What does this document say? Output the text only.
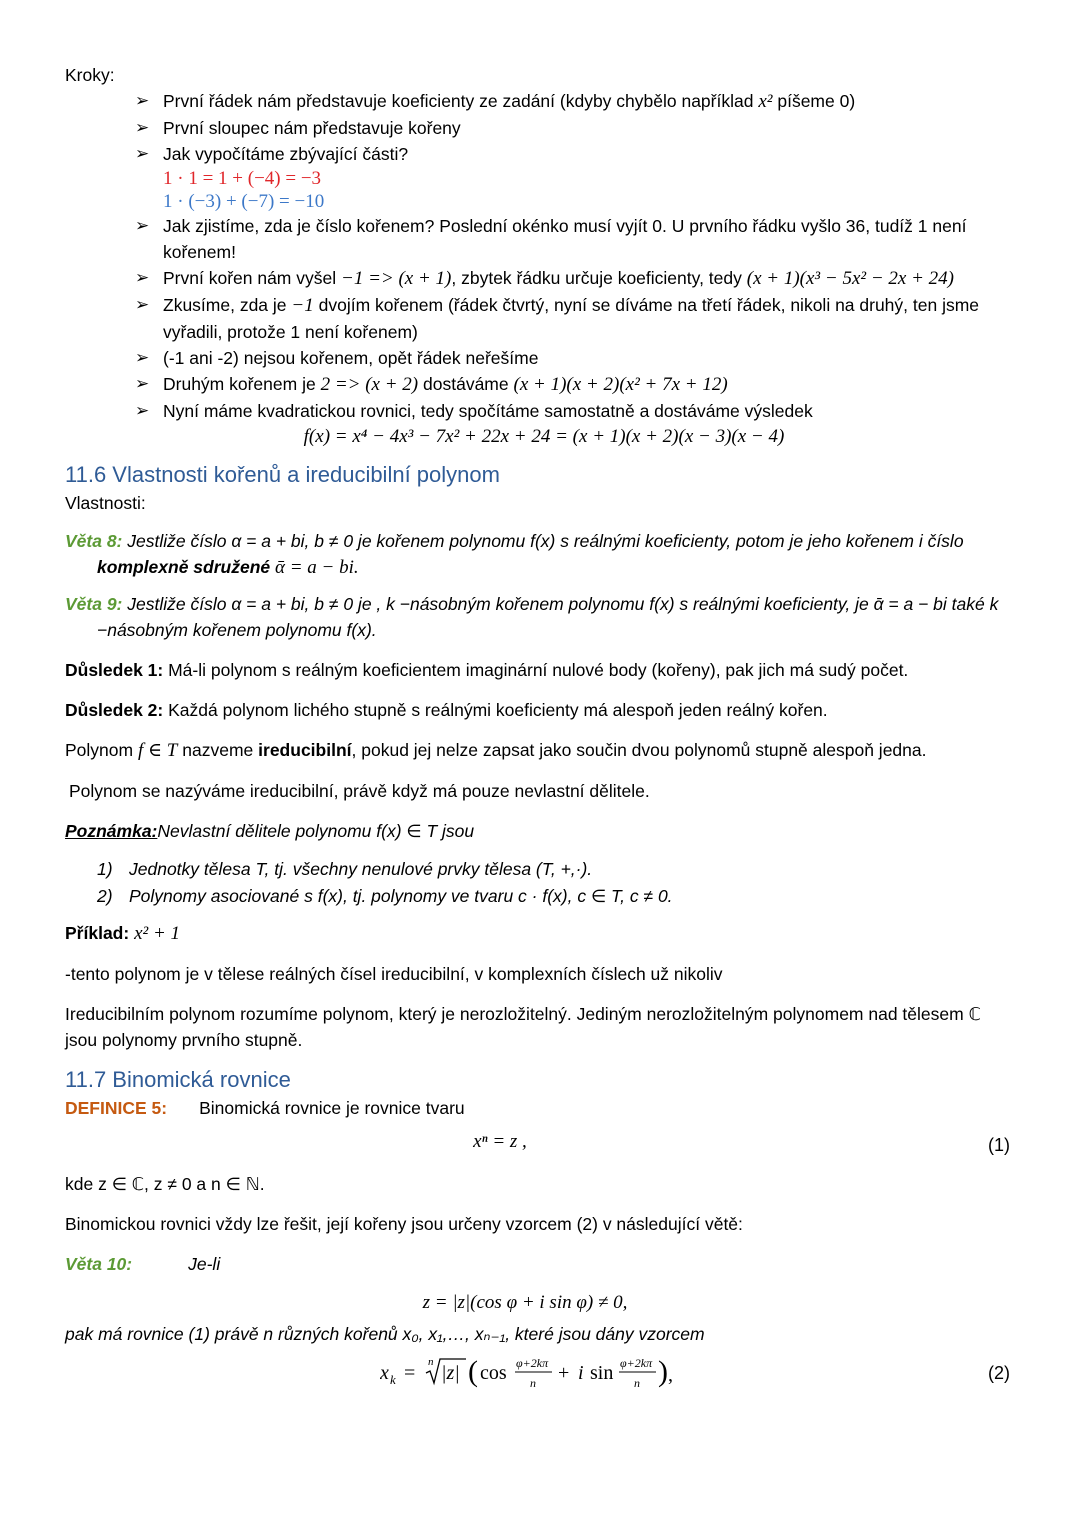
Kroky:

➢ První řádek nám představuje koeficienty ze zadání (kdyby chybělo například x² píšeme 0)
➢ První sloupec nám představuje kořeny
➢ Jak vypočítáme zbývající části?
1 · 1 = 1 + (−4) = −3
1 · (−3) + (−7) = −10
➢ Jak zjistíme, zda je číslo kořenem? Poslední okénko musí vyjít 0. U prvního řádku vyšlo 36, tudíž 1 není kořenem!
➢ První kořen nám vyšel −1 => (x + 1), zbytek řádku určuje koeficienty, tedy (x + 1)(x³ − 5x² − 2x + 24)
➢ Zkusíme, zda je −1 dvojím kořenem (řádek čtvrtý, nyní se díváme na třetí řádek, nikoli na druhý, ten jsme vyřadili, protože 1 není kořenem)
➢ (-1 ani -2) nejsou kořenem, opět řádek neřešíme
➢ Druhým kořenem je 2 => (x + 2) dostáváme (x + 1)(x + 2)(x² + 7x + 12)
➢ Nyní máme kvadratickou rovnici, tedy spočítáme samostatně a dostáváme výsledek
f(x) = x⁴ − 4x³ − 7x² + 22x + 24 = (x + 1)(x + 2)(x − 3)(x − 4)
11.6 Vlastnosti kořenů a ireducibilní polynom

Vlastnosti:

Věta 8: Jestliže číslo α = a + bi, b ≠ 0 je kořenem polynomu f(x) s reálnými koeficienty, potom je jeho kořenem i číslo komplexně sdružené ᾱ = a − bi.

Věta 9: Jestliže číslo α = a + bi, b ≠ 0 je , k −násobným kořenem polynomu f(x) s reálnými koeficienty, je ᾱ = a − bi také k −násobným kořenem polynomu f(x).

Důsledek 1: Má-li polynom s reálným koeficientem imaginární nulové body (kořeny), pak jich má sudý počet.

Důsledek 2: Každá polynom lichého stupně s reálnými koeficienty má alespoň jeden reálný kořen.

Polynom f ∈ T nazveme ireducibilní, pokud jej nelze zapsat jako součin dvou polynomů stupně alespoň jedna.

Polynom se nazýváme ireducibilní, právě když má pouze nevlastní dělitele.

Poznámka:Nevlastní dělitele polynomu f(x) ∈ T jsou

1) Jednotky tělesa T, tj. všechny nenulové prvky tělesa (T, +,·).
2) Polynomy asociované s f(x), tj. polynomy ve tvaru c · f(x), c ∈ T, c ≠ 0.

Příklad: x² + 1

-tento polynom je v tělese reálných čísel ireducibilní, v komplexních číslech už nikoliv

Ireducibilním polynom rozumíme polynom, který je nerozložitelný. Jediným nerozložitelným polynomem nad tělesem ℂ jsou polynomy prvního stupně.

11.7 Binomická rovnice

DEFINICE 5: Binomická rovnice je rovnice tvaru

xⁿ = z ,	(1)

kde z ∈ ℂ, z ≠ 0 a n ∈ ℕ.

Binomickou rovnici vždy lze řešit, její kořeny jsou určeny vzorcem (2) v následující větě:

Věta 10:	Je-li

z = |z|(cos φ + i sin φ) ≠ 0,

pak má rovnice (1) právě n různých kořenů x₀, x₁,…, xₙ₋₁, které jsou dány vzorcem

x k = n |z| ( cos φ+2kπ
n + i sin φ+2kπ
n ) ,	(2)
